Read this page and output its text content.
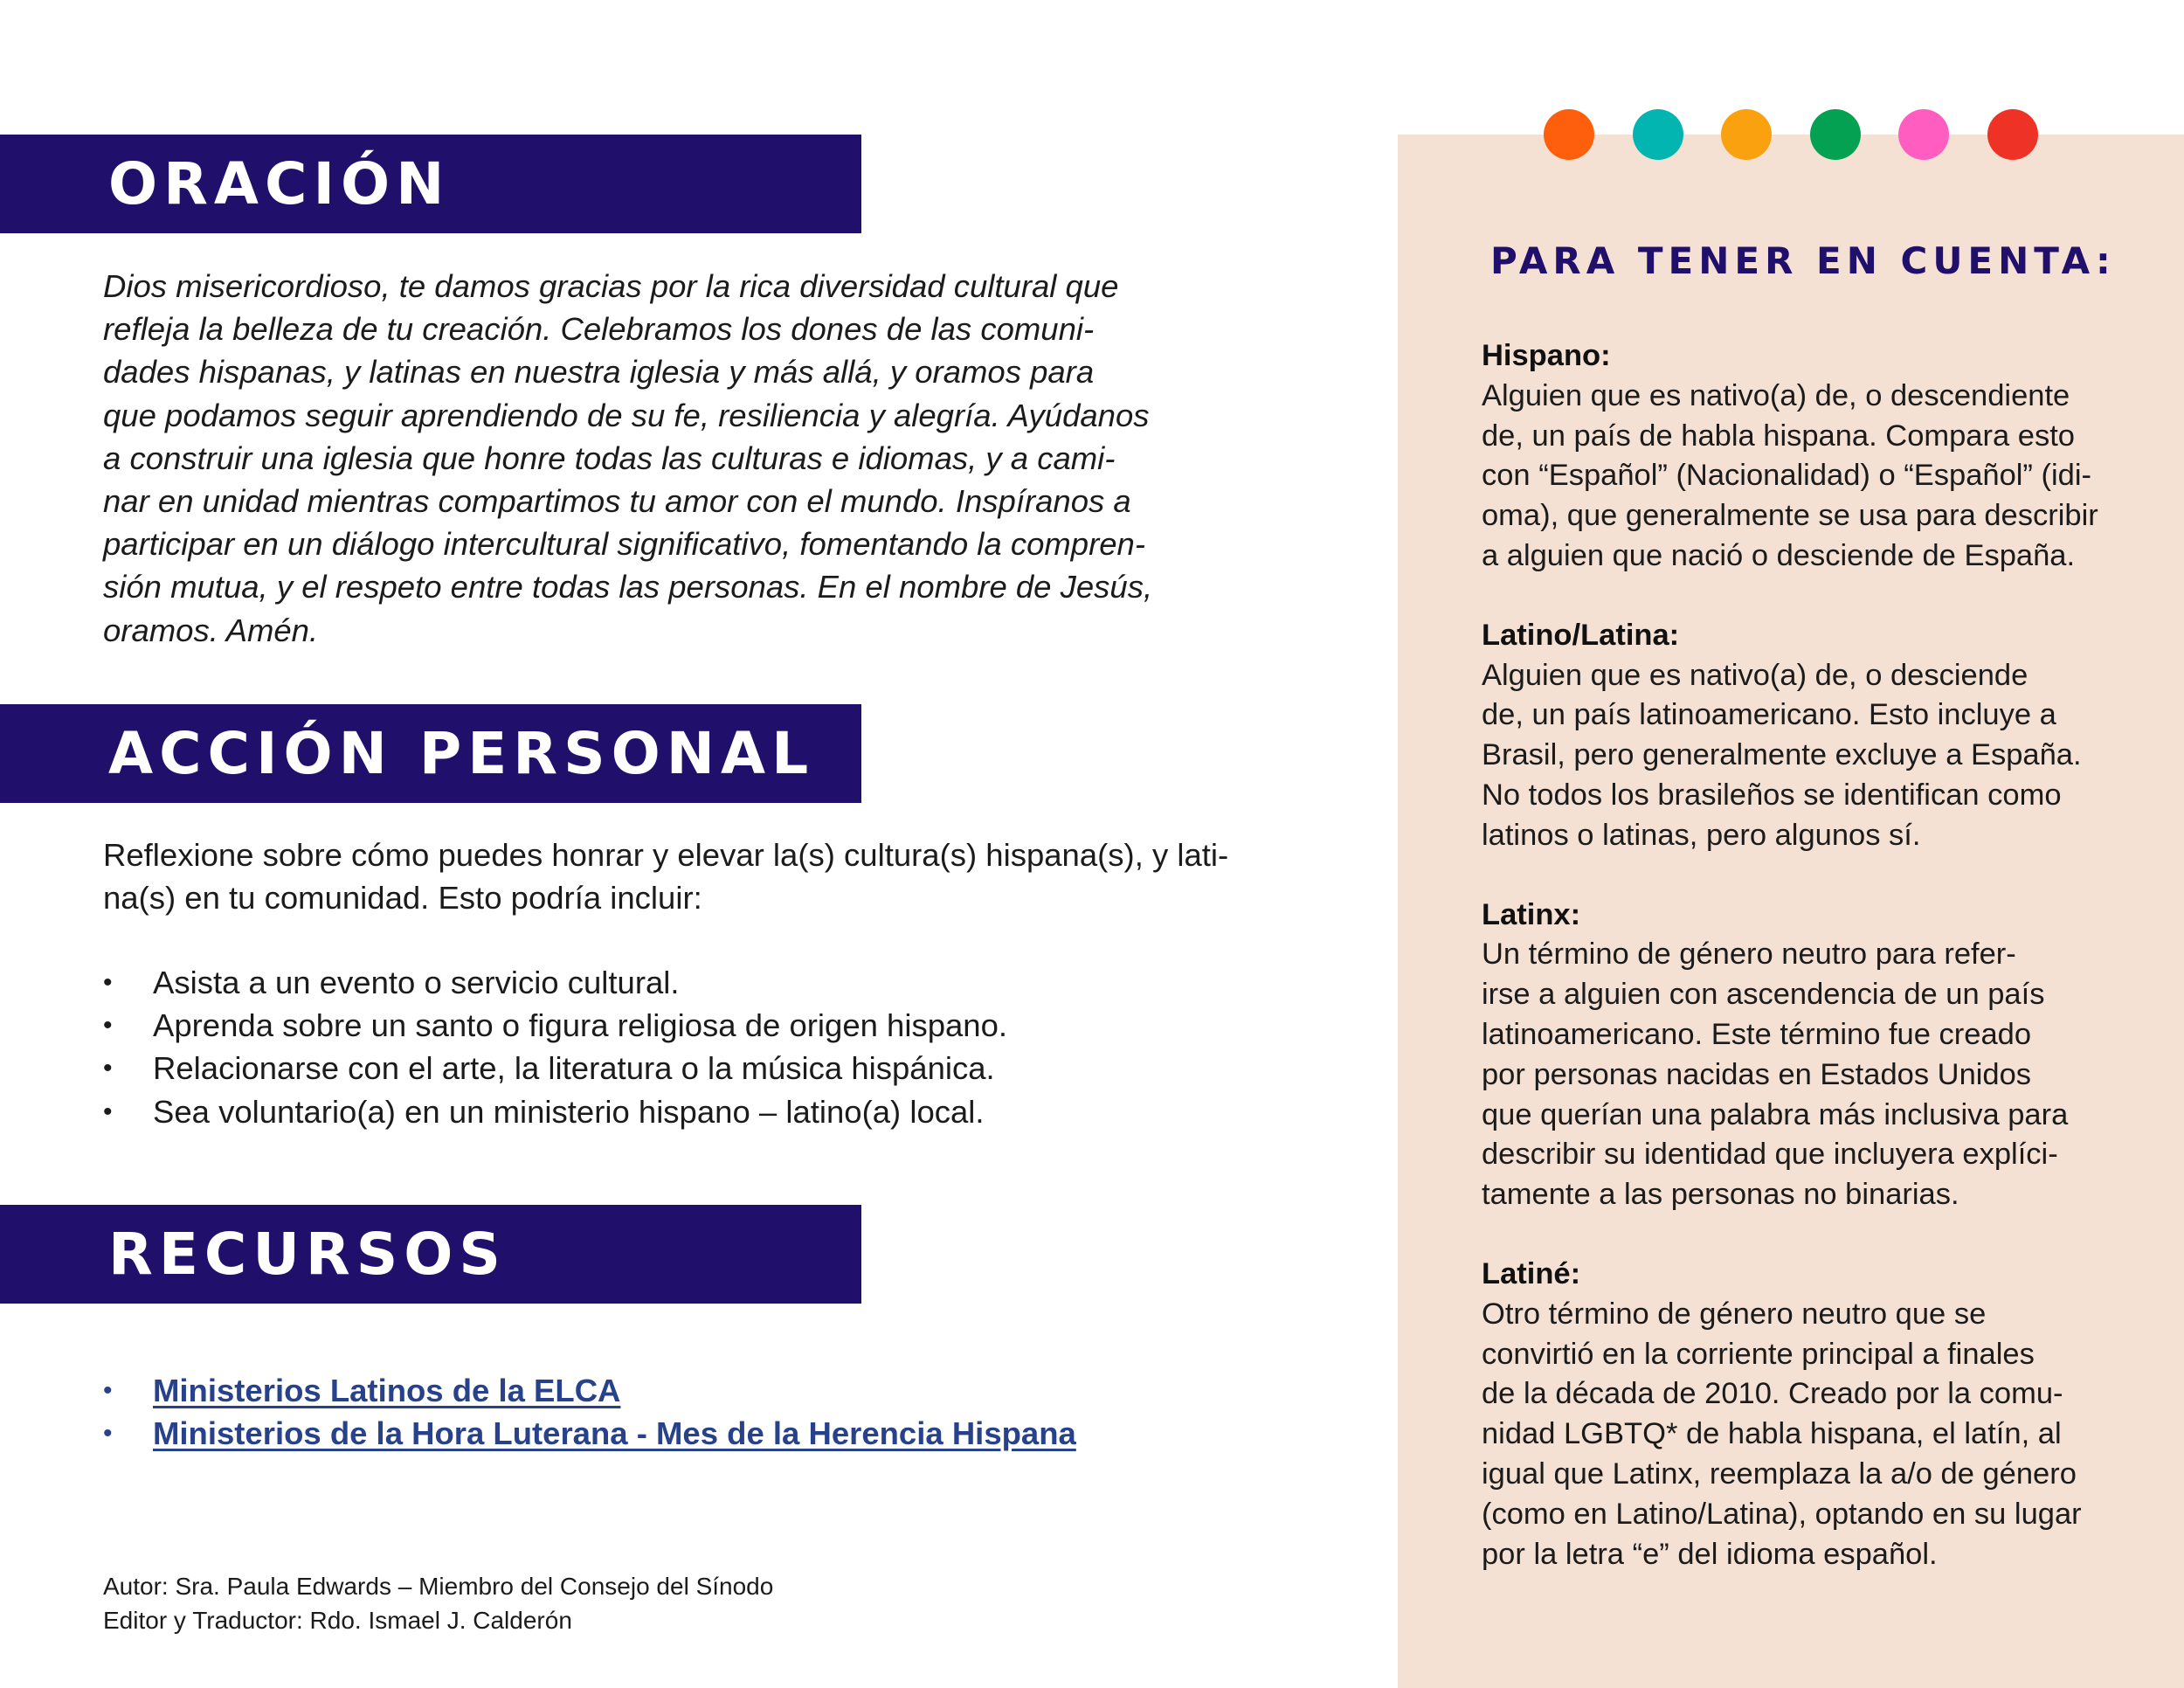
ORACIÓN

Dios misericordioso, te damos gracias por la rica diversidad cultural que
refleja la belleza de tu creación. Celebramos los dones de las comuni-
dades hispanas, y latinas en nuestra iglesia y más allá, y oramos para
que podamos seguir aprendiendo de su fe, resiliencia y alegría. Ayúdanos
a construir una iglesia que honre todas las culturas e idiomas, y a cami-
nar en unidad mientras compartimos tu amor con el mundo. Inspíranos a
participar en un diálogo intercultural significativo, fomentando la compren-
sión mutua, y el respeto entre todas las personas. En el nombre de Jesús,
oramos. Amén.

ACCIÓN PERSONAL

Reflexione sobre cómo puedes honrar y elevar la(s) cultura(s) hispana(s), y lati-
na(s) en tu comunidad. Esto podría incluir:

• Asista a un evento o servicio cultural.
• Aprenda sobre un santo o figura religiosa de origen hispano.
• Relacionarse con el arte, la literatura o la música hispánica.
• Sea voluntario(a) en un ministerio hispano – latino(a) local.
RECURSOS
• Ministerios Latinos de la ELCA
• Ministerios de la Hora Luterana - Mes de la Herencia Hispana

Autor: Sra. Paula Edwards – Miembro del Consejo del Sínodo
Editor y Traductor: Rdo. Ismael J. Calderón

PARA TENER EN CUENTA:
Hispano:

Alguien que es nativo(a) de, o descendiente
de, un país de habla hispana. Compara esto
con “Español” (Nacionalidad) o “Español” (idi-
oma), que generalmente se usa para describir
a alguien que nació o desciende de España.

Latino/Latina:

Alguien que es nativo(a) de, o desciende
de, un país latinoamericano. Esto incluye a
Brasil, pero generalmente excluye a España.
No todos los brasileños se identifican como
latinos o latinas, pero algunos sí.

Latinx:

Un término de género neutro para refer-
irse a alguien con ascendencia de un país
latinoamericano. Este término fue creado
por personas nacidas en Estados Unidos
que querían una palabra más inclusiva para
describir su identidad que incluyera explíci-
tamente a las personas no binarias.

Latiné:

Otro término de género neutro que se
convirtió en la corriente principal a finales
de la década de 2010. Creado por la comu-
nidad LGBTQ* de habla hispana, el latín, al
igual que Latinx, reemplaza la a/o de género
(como en Latino/Latina), optando en su lugar
por la letra “e” del idioma español.
